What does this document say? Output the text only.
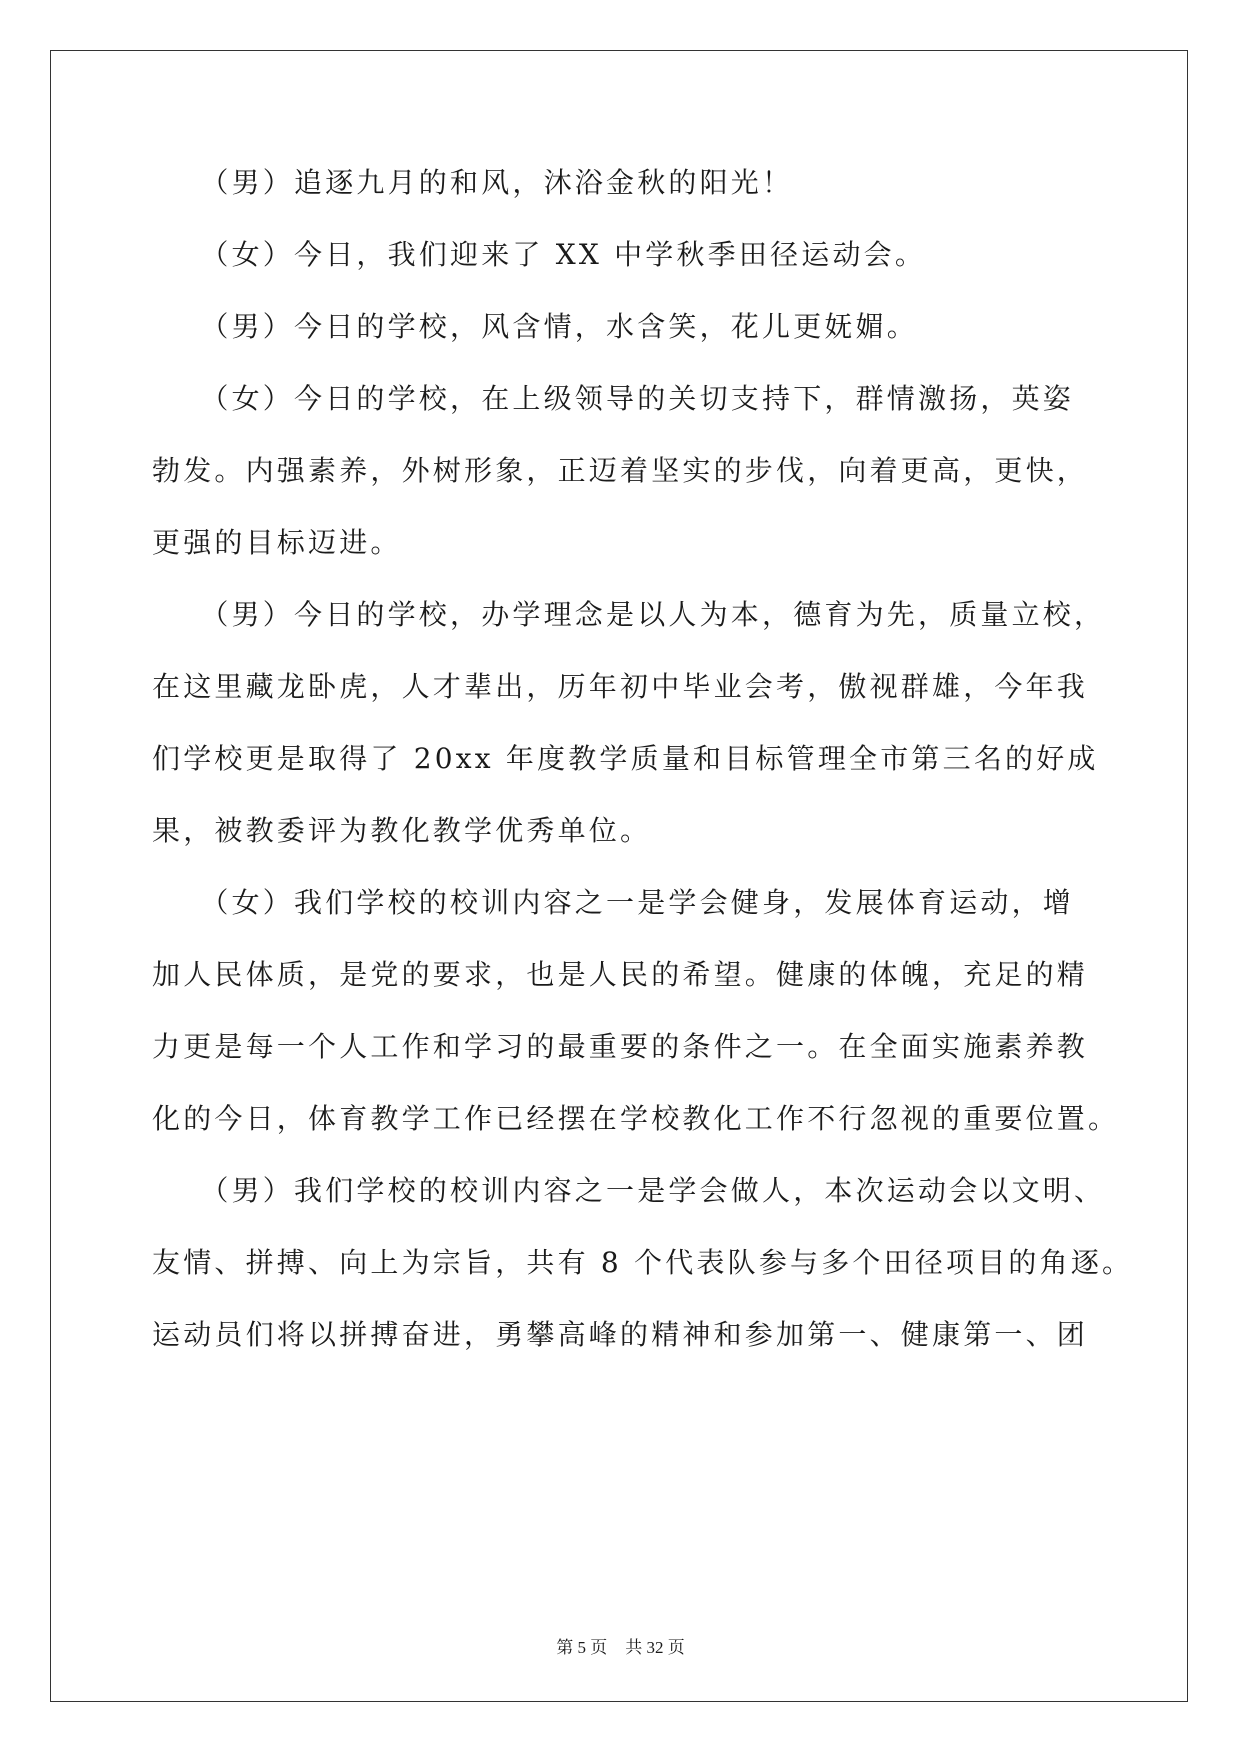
　　（男）追逐九月的和风，沐浴金秋的阳光！
　　（女）今日，我们迎来了 XX 中学秋季田径运动会。
　　（男）今日的学校，风含情，水含笑，花儿更妩媚。
　　（女）今日的学校，在上级领导的关切支持下，群情激扬，英姿
勃发。内强素养，外树形象，正迈着坚实的步伐，向着更高，更快，
更强的目标迈进。
　　（男）今日的学校，办学理念是以人为本，德育为先，质量立校，
在这里藏龙卧虎，人才辈出，历年初中毕业会考，傲视群雄，今年我
们学校更是取得了 20xx 年度教学质量和目标管理全市第三名的好成
果，被教委评为教化教学优秀单位。
　　（女）我们学校的校训内容之一是学会健身，发展体育运动，增
加人民体质，是党的要求，也是人民的希望。健康的体魄，充足的精
力更是每一个人工作和学习的最重要的条件之一。在全面实施素养教
化的今日，体育教学工作已经摆在学校教化工作不行忽视的重要位置。
　　（男）我们学校的校训内容之一是学会做人，本次运动会以文明、
友情、拼搏、向上为宗旨，共有 8 个代表队参与多个田径项目的角逐。
运动员们将以拼搏奋进，勇攀高峰的精神和参加第一、健康第一、团
第 5 页 共 32 页
